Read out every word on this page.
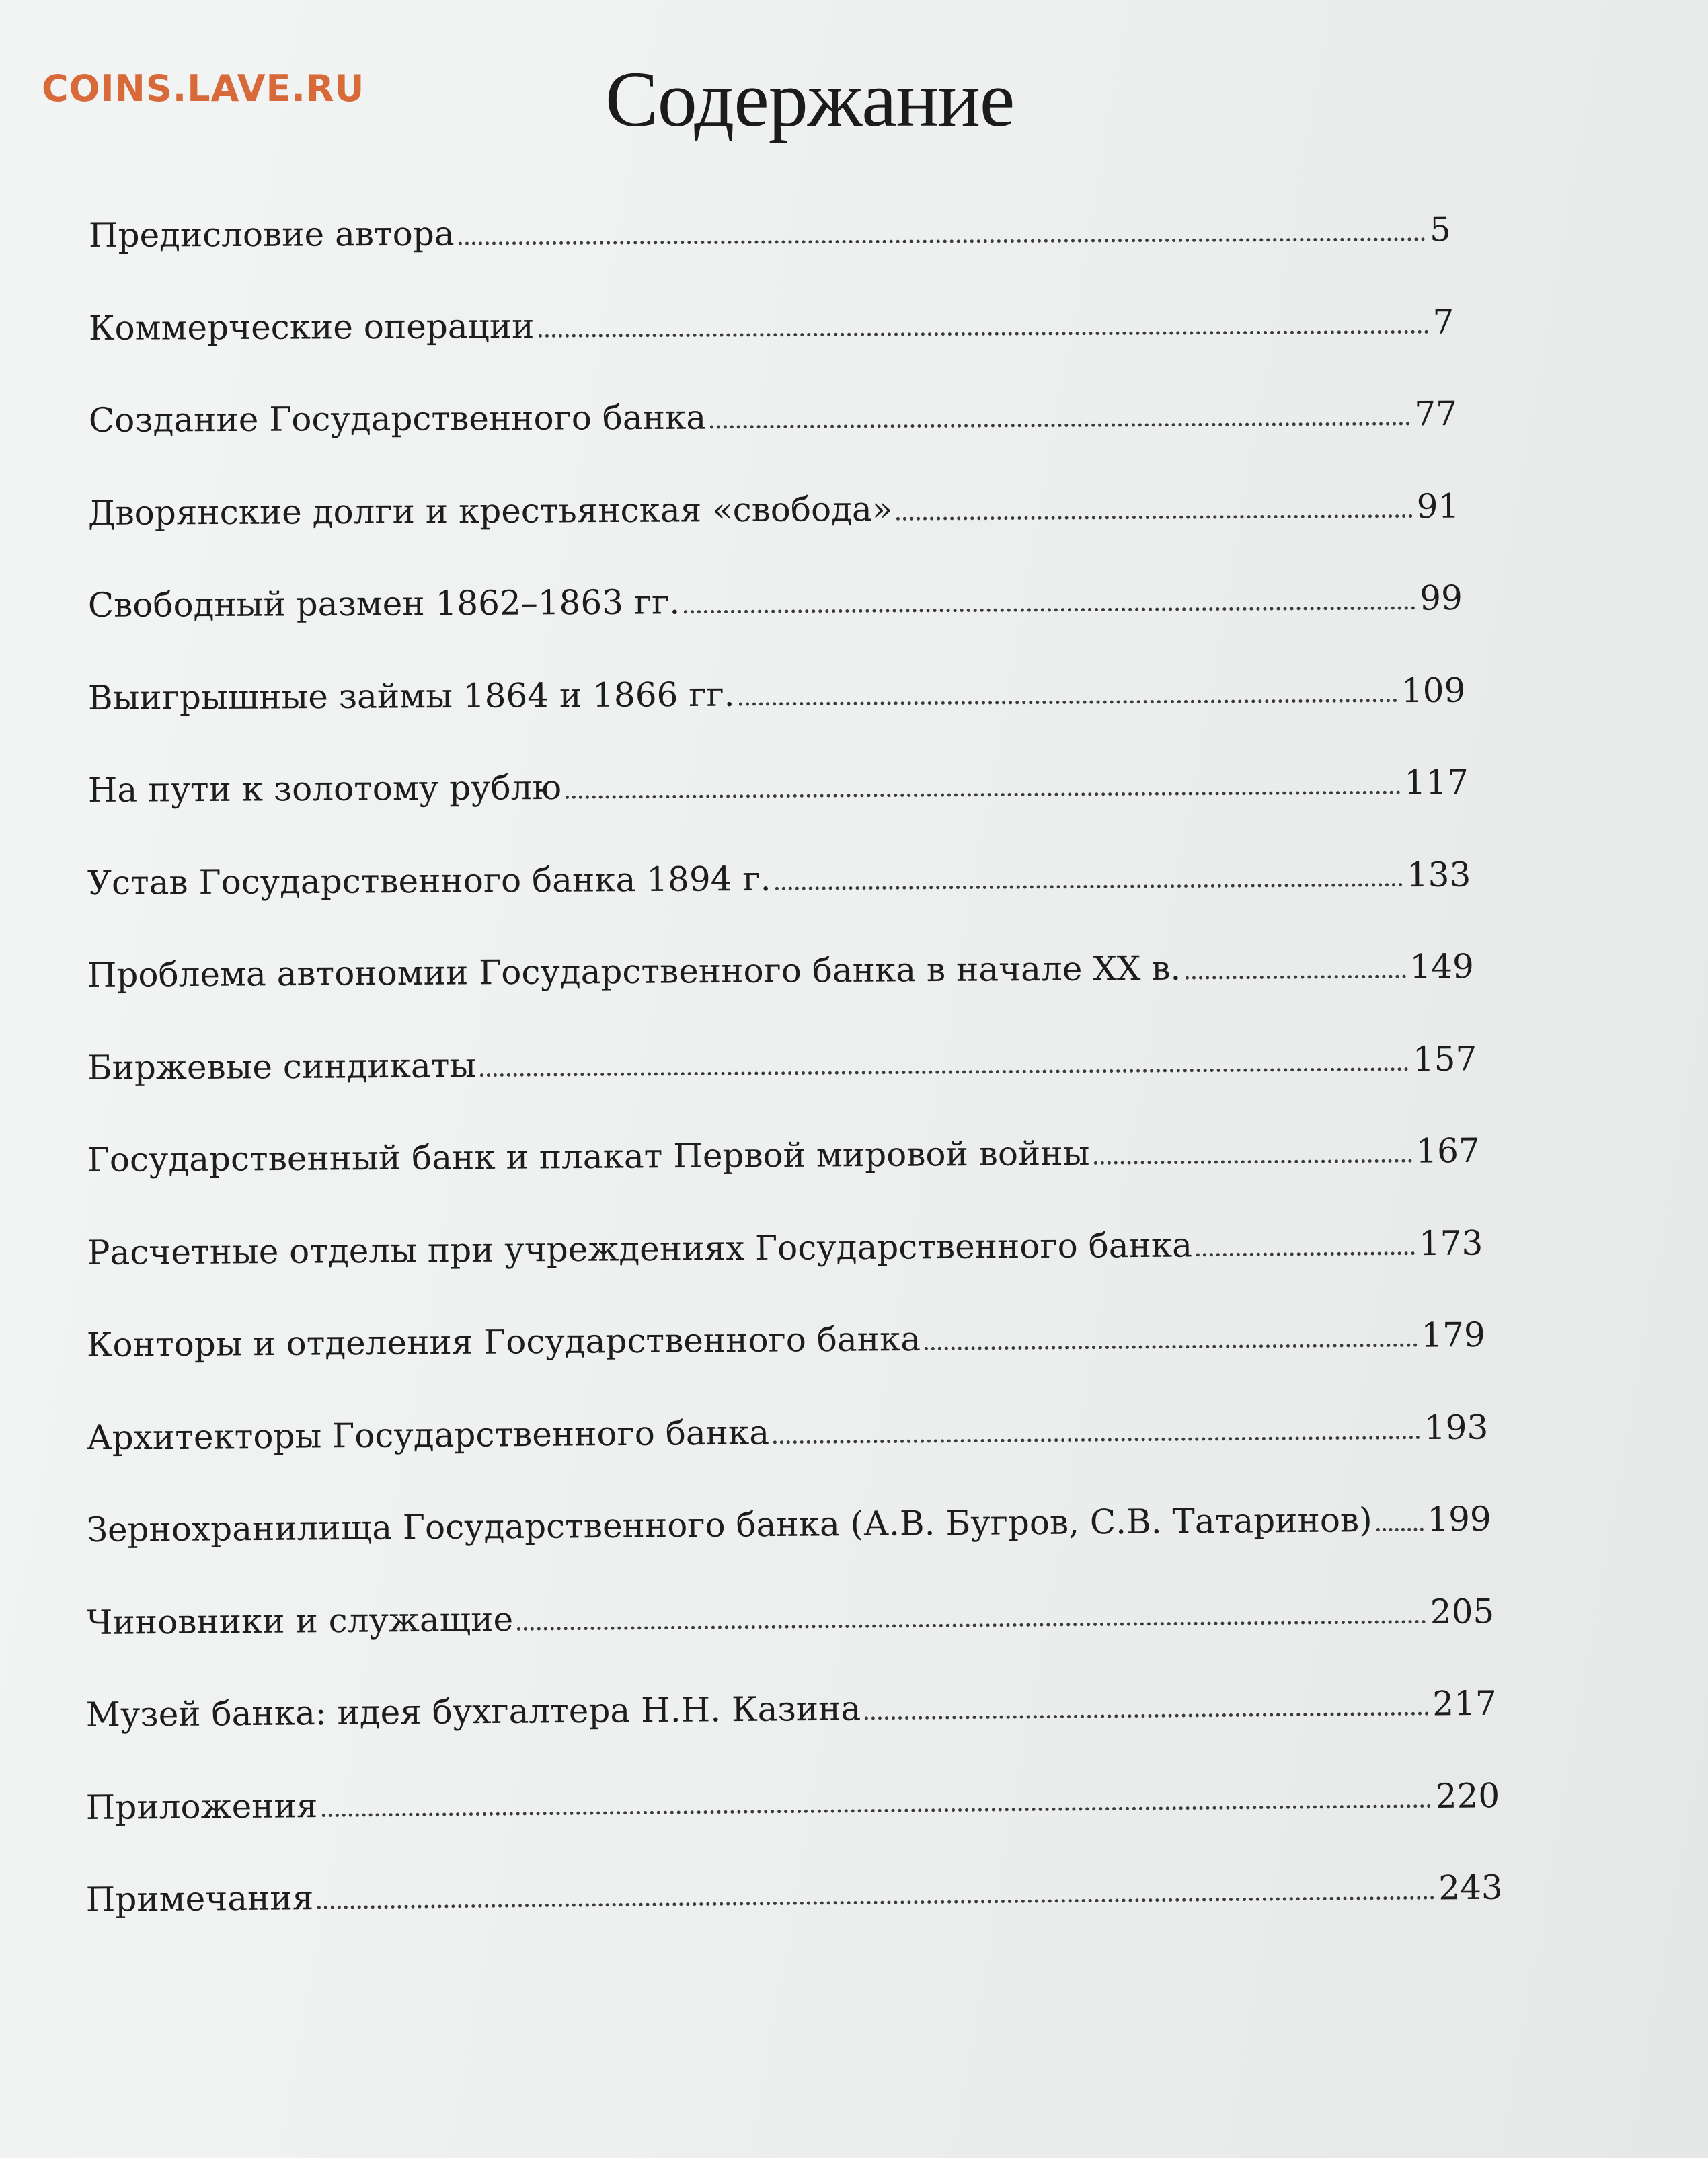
COINS.LAVE.RU	Содержание
Предисловие автора	5
Коммерческие операции	7
Создание Государственного банка	77
Дворянские долги и крестьянская «свобода»	91
Свободный размен 1862–1863 гг.	99
Выигрышные займы 1864 и 1866 гг.	109
На пути к золотому рублю	117
Устав Государственного банка 1894 г.	133
Проблема автономии Государственного банка в начале XX в.	149
Биржевые синдикаты	157
Государственный банк и плакат Первой мировой войны	167
Расчетные отделы при учреждениях Государственного банка	173
Конторы и отделения Государственного банка	179
Архитекторы Государственного банка	193
Зернохранилища Государственного банка (А.В. Бугров, С.В. Татаринов) 199
Чиновники и служащие	205
Музей банка: идея бухгалтера Н.Н. Казина	217
Приложения	220
Примечания	243
